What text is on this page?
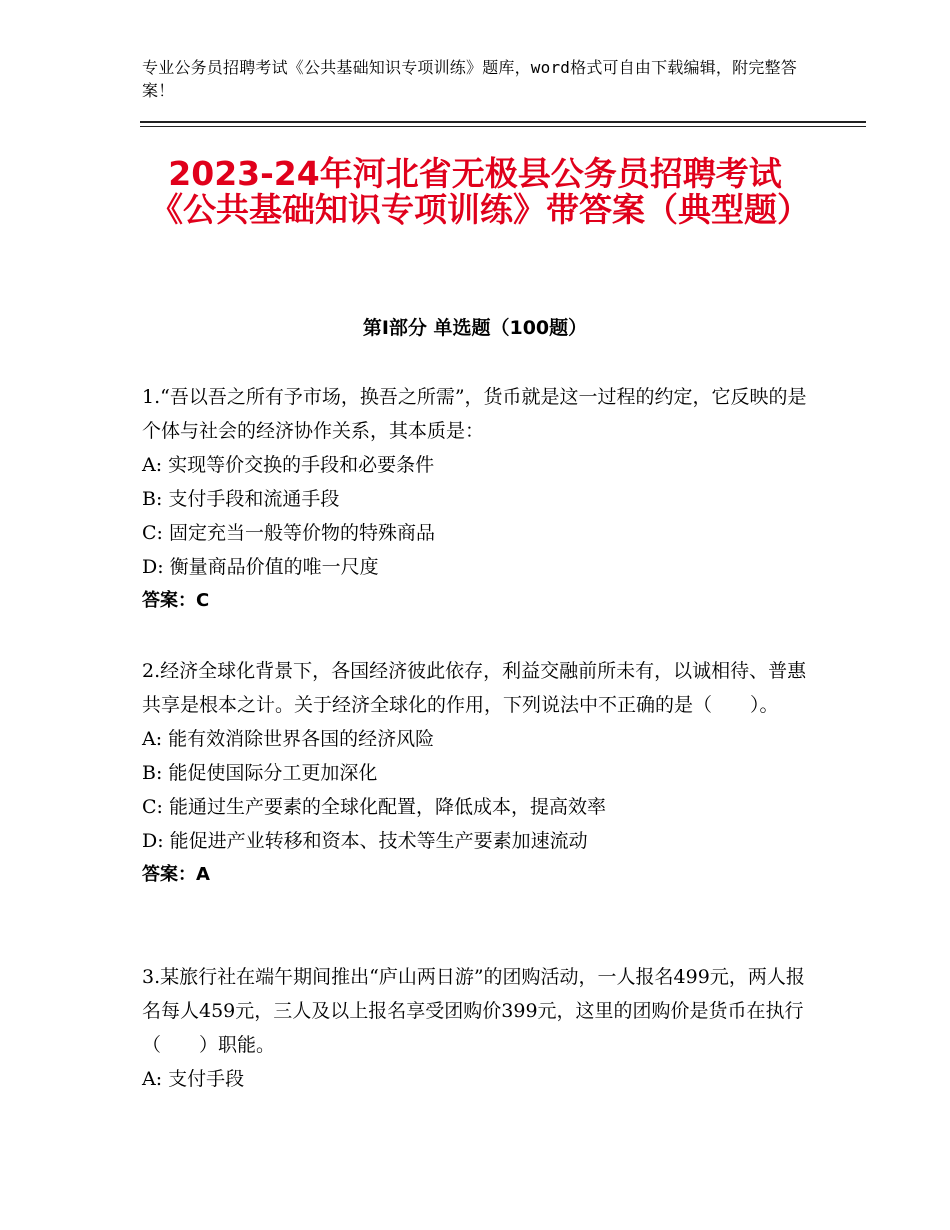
专业公务员招聘考试《公共基础知识专项训练》题库，word格式可自由下载编辑，附完整答案！
2023-24年河北省无极县公务员招聘考试《公共基础知识专项训练》带答案（典型题）
第Ⅰ部分 单选题（100题）
1.“吾以吾之所有予市场，换吾之所需”，货币就是这一过程的约定，它反映的是个体与社会的经济协作关系，其本质是：
A: 实现等价交换的手段和必要条件
B: 支付手段和流通手段
C: 固定充当一般等价物的特殊商品
D: 衡量商品价值的唯一尺度
答案：C
2.经济全球化背景下，各国经济彼此依存，利益交融前所未有，以诚相待、普惠共享是根本之计。关于经济全球化的作用，下列说法中不正确的是（　　）。
A: 能有效消除世界各国的经济风险
B: 能促使国际分工更加深化
C: 能通过生产要素的全球化配置，降低成本，提高效率
D: 能促进产业转移和资本、技术等生产要素加速流动
答案：A
3.某旅行社在端午期间推出“庐山两日游”的团购活动，一人报名499元，两人报名每人459元，三人及以上报名享受团购价399元，这里的团购价是货币在执行（　　）职能。
A: 支付手段
